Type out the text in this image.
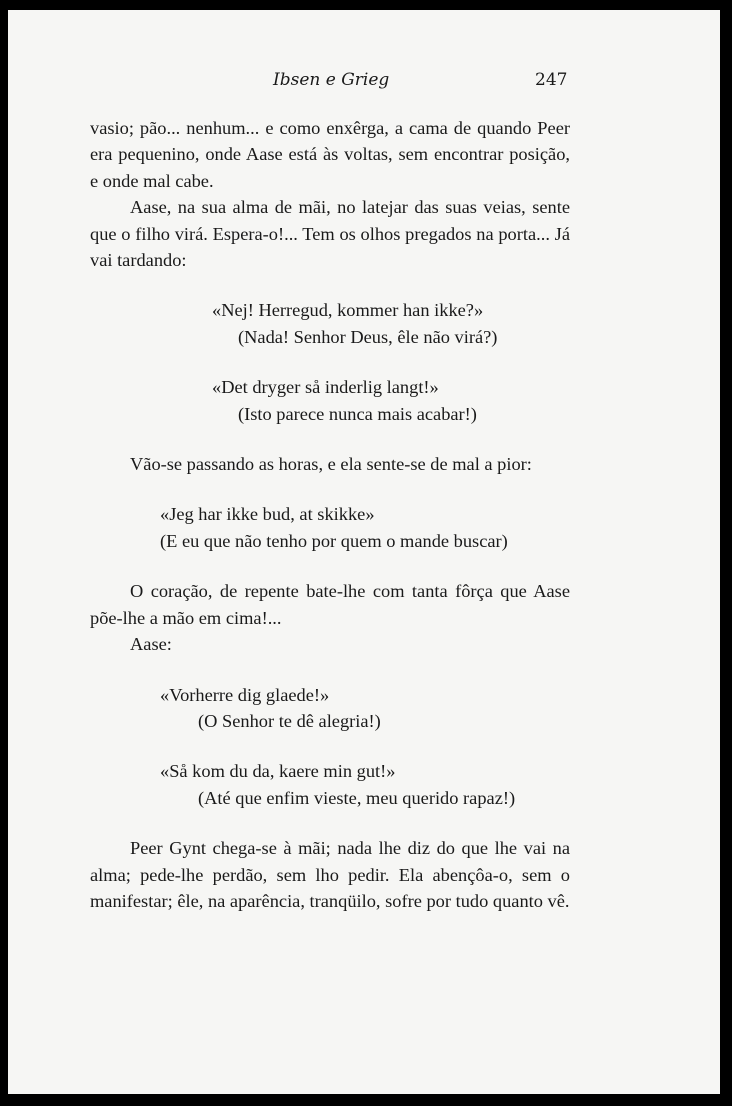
Ibsen e Grieg	247

vasio; pão... nenhum... e como enxêrga, a cama de quando Peer era pequenino, onde Aase está às voltas, sem encontrar posição, e onde mal cabe.

Aase, na sua alma de mãi, no latejar das suas veias, sente que o filho virá. Espera-o!... Tem os olhos pregados na porta... Já vai tardando:

«Nej! Herregud, kommer han ikke?»
(Nada! Senhor Deus, êle não virá?)
«Det dryger så inderlig langt!»
(Isto parece nunca mais acabar!)

Vão-se passando as horas, e ela sente-se de mal a pior:

«Jeg har ikke bud, at skikke»
(E eu que não tenho por quem o mande buscar)

O coração, de repente bate-lhe com tanta fôrça que Aase põe-lhe a mão em cima!...

Aase:

«Vorherre dig glaede!»
(O Senhor te dê alegria!)
«Så kom du da, kaere min gut!»
(Até que enfim vieste, meu querido rapaz!)

Peer Gynt chega-se à mãi; nada lhe diz do que lhe vai na alma; pede-lhe perdão, sem lho pedir. Ela abençôa-o, sem o manifestar; êle, na aparência, tranqüilo, sofre por tudo quanto vê.
